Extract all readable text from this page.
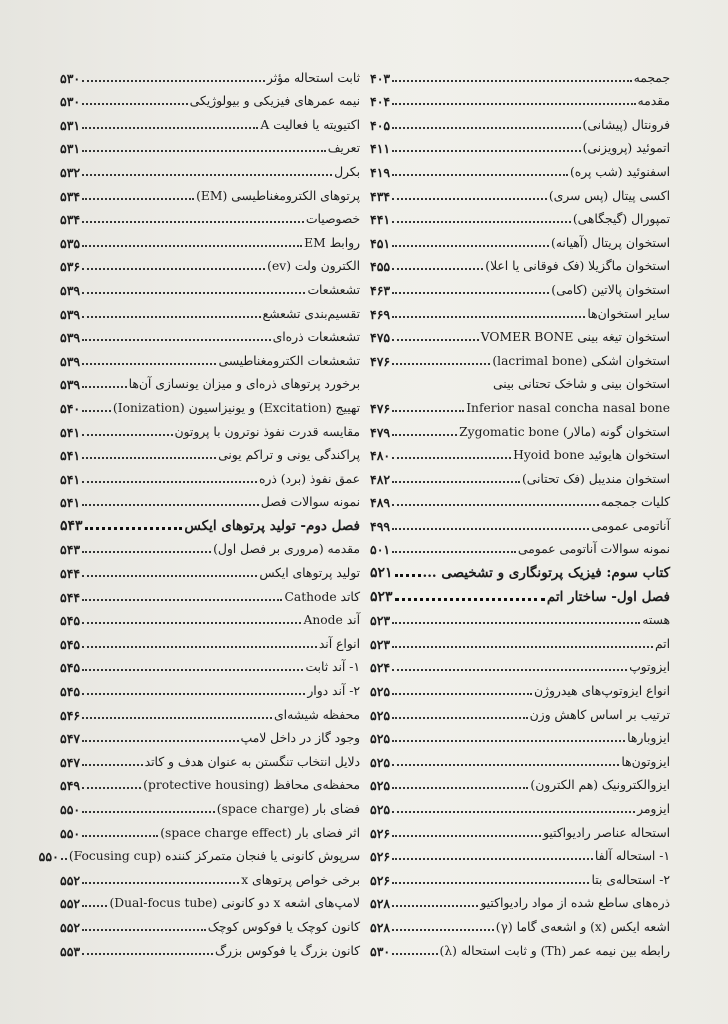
جمجمه
۴۰۳
مقدمه
۴۰۴
فرونتال (پیشانی)
۴۰۵
اتموئید (پرویزنی)
۴۱۱
اسفنوئید (شب پره)
۴۱۹
اکسی پیتال (پس سری)
۴۳۴
تمپورال (گیجگاهی)
۴۴۱
استخوان پریتال (آهیانه)
۴۵۱
استخوان ماگزیلا (فک فوقانی یا اعلا)
۴۵۵
استخوان پالاتین (کامی)
۴۶۳
سایر استخوان‌ها
۴۶۹
استخوان تیغه بینی VOMER BONE
۴۷۵
استخوان اشکی (lacrimal bone)
۴۷۶
استخوان بینی و شاخک تحتانی بینی
Inferior nasal concha nasal bone
۴۷۶
استخوان گونه (مالار) Zygomatic bone
۴۷۹
استخوان هایوئید Hyoid bone
۴۸۰
استخوان مندیبل (فک تحتانی)
۴۸۲
کلیات جمجمه
۴۸۹
آناتومی عمومی
۴۹۹
نمونه سوالات آناتومی عمومی
۵۰۱
کتاب سوم: فیزیک پرتونگاری و تشخیصی ...
۵۲۱
فصل اول- ساختار اتم
۵۲۳
هسته
۵۲۳
اتم
۵۲۳
ایزوتوپ
۵۲۴
انواع ایزوتوپ‌های هیدروژن
۵۲۵
ترتیب بر اساس کاهش وزن
۵۲۵
ایزوبارها
۵۲۵
ایزوتون‌ها
۵۲۵
ایزوالکترونیک (هم الکترون)
۵۲۵
ایزومر
۵۲۵
استحاله عناصر رادیواکتیو
۵۲۶
۱- استحاله آلفا
۵۲۶
۲- استحاله‌ی بتا
۵۲۶
ذره‌های ساطع شده از مواد رادیواکتیو
۵۲۸
اشعه ایکس (x) و اشعه‌ی گاما (γ)
۵۲۸
رابطه بین نیمه عمر (Th) و ثابت استحاله (λ)
۵۳۰
ثابت استحاله مؤثر
۵۳۰
نیمه عمرهای فیزیکی و بیولوژیکی
۵۳۰
اکتیویته یا فعالیت A
۵۳۱
تعریف
۵۳۱
بکرل
۵۳۲
پرتوهای الکترومغناطیسی (EM)
۵۳۴
خصوصیات
۵۳۴
روابط EM
۵۳۵
الکترون ولت (ev)
۵۳۶
تشعشعات
۵۳۹
تقسیم‌بندی تشعشع
۵۳۹
تشعشعات ذره‌ای
۵۳۹
تشعشعات الکترومغناطیسی
۵۳۹
برخورد پرتوهای ذره‌ای و میزان یونسازی آن‌ها
۵۳۹
تهییج (Excitation) و یونیزاسیون (Ionization)
۵۴۰
مقایسه قدرت نفوذ نوترون با پروتون
۵۴۱
پراکندگی یونی و تراکم یونی
۵۴۱
عمق نفوذ (برد) ذره
۵۴۱
نمونه سوالات فصل
۵۴۱
فصل دوم- تولید پرتوهای ایکس
۵۴۳
مقدمه (مروری بر فصل اول)
۵۴۳
تولید پرتوهای ایکس
۵۴۴
کاتد Cathode
۵۴۴
آند Anode
۵۴۵
انواع آند
۵۴۵
۱- آند ثابت
۵۴۵
۲- آند دوار
۵۴۵
محفظه شیشه‌ای
۵۴۶
وجود گاز در داخل لامپ
۵۴۷
دلایل انتخاب تنگستن به عنوان هدف و کاتد
۵۴۷
محفظه‌ی محافظ (protective housing)
۵۴۹
فضای بار (space charge)
۵۵۰
اثر فضای بار (space charge effect)
۵۵۰
سرپوش کانونی یا فنجان متمرکز کننده (Focusing cup)
۵۵۰
برخی خواص پرتوهای x
۵۵۲
لامپ‌های اشعه x دو کانونی (Dual-focus tube)
۵۵۲
کانون کوچک یا فوکوس کوچک
۵۵۲
کانون بزرگ یا فوکوس بزرگ
۵۵۳
